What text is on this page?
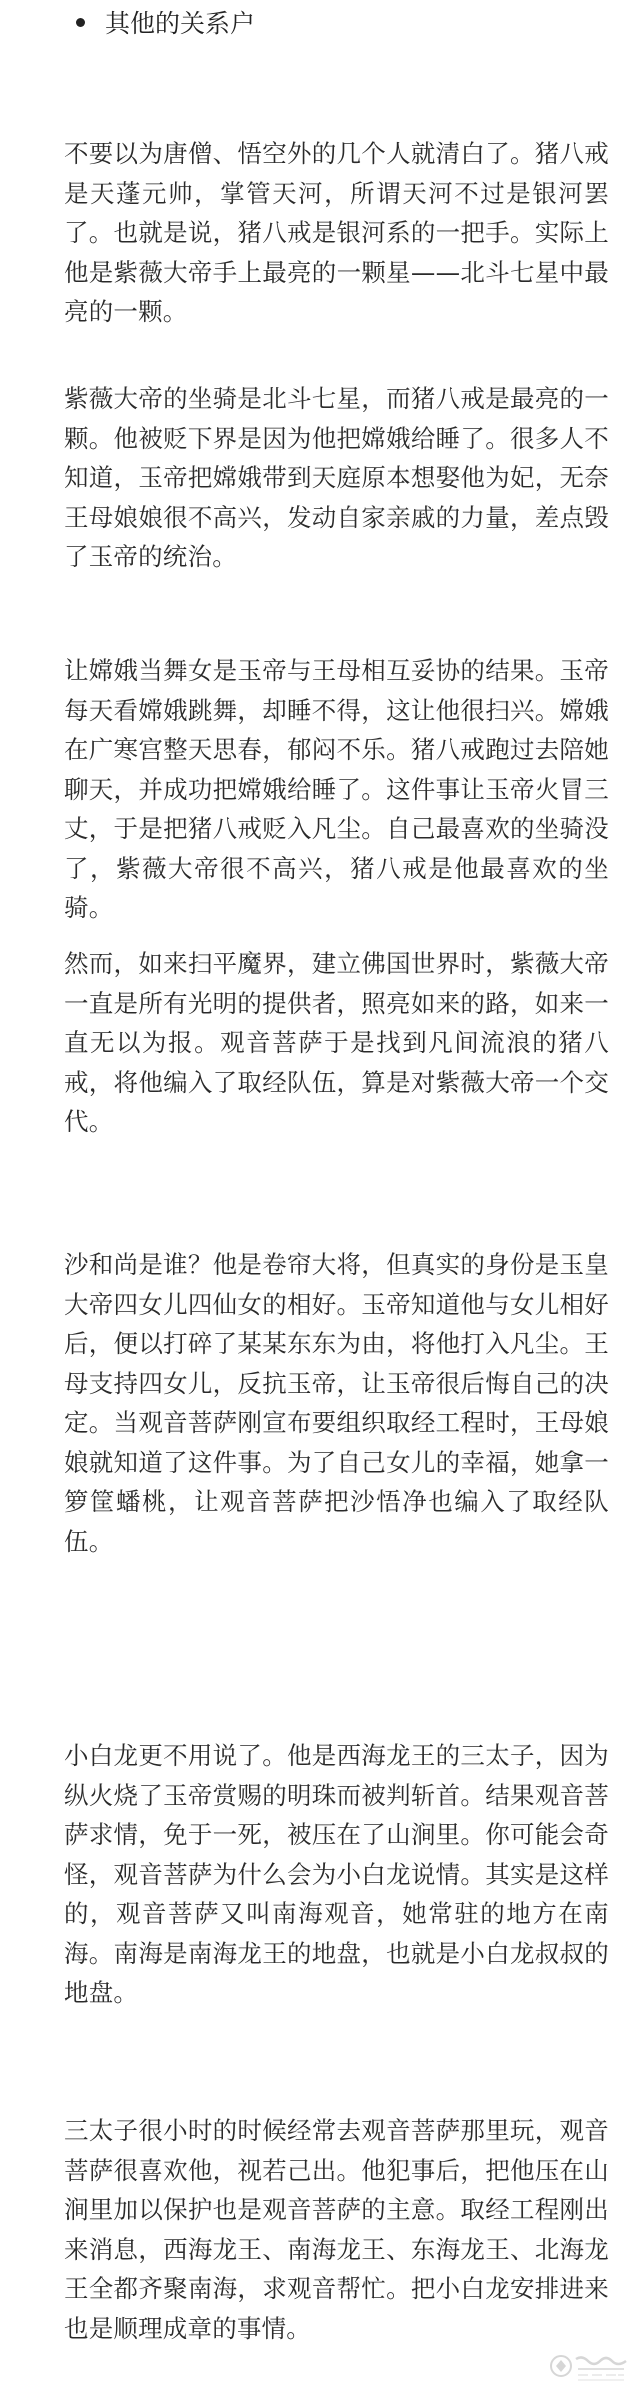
其他的关系户

不要以为唐僧、悟空外的几个人就清白了。猪八戒是天蓬元帅，掌管天河，所谓天河不过是银河罢了。也就是说，猪八戒是银河系的一把手。实际上他是紫薇大帝手上最亮的一颗星——北斗七星中最亮的一颗。

紫薇大帝的坐骑是北斗七星，而猪八戒是最亮的一颗。他被贬下界是因为他把嫦娥给睡了。很多人不知道，玉帝把嫦娥带到天庭原本想娶他为妃，无奈王母娘娘很不高兴，发动自家亲戚的力量，差点毁了玉帝的统治。

让嫦娥当舞女是玉帝与王母相互妥协的结果。玉帝每天看嫦娥跳舞，却睡不得，这让他很扫兴。嫦娥在广寒宫整天思春，郁闷不乐。猪八戒跑过去陪她聊天，并成功把嫦娥给睡了。这件事让玉帝火冒三丈，于是把猪八戒贬入凡尘。自己最喜欢的坐骑没了，紫薇大帝很不高兴，猪八戒是他最喜欢的坐骑。

然而，如来扫平魔界，建立佛国世界时，紫薇大帝一直是所有光明的提供者，照亮如来的路，如来一直无以为报。观音菩萨于是找到凡间流浪的猪八戒，将他编入了取经队伍，算是对紫薇大帝一个交代。

沙和尚是谁？他是卷帘大将，但真实的身份是玉皇大帝四女儿四仙女的相好。玉帝知道他与女儿相好后，便以打碎了某某东东为由，将他打入凡尘。王母支持四女儿，反抗玉帝，让玉帝很后悔自己的决定。当观音菩萨刚宣布要组织取经工程时，王母娘娘就知道了这件事。为了自己女儿的幸福，她拿一箩筐蟠桃，让观音菩萨把沙悟净也编入了取经队伍。

小白龙更不用说了。他是西海龙王的三太子，因为纵火烧了玉帝赏赐的明珠而被判斩首。结果观音菩萨求情，免于一死，被压在了山涧里。你可能会奇怪，观音菩萨为什么会为小白龙说情。其实是这样的，观音菩萨又叫南海观音，她常驻的地方在南海。南海是南海龙王的地盘，也就是小白龙叔叔的地盘。

三太子很小时的时候经常去观音菩萨那里玩，观音菩萨很喜欢他，视若己出。他犯事后，把他压在山涧里加以保护也是观音菩萨的主意。取经工程刚出来消息，西海龙王、南海龙王、东海龙王、北海龙王全都齐聚南海，求观音帮忙。把小白龙安排进来也是顺理成章的事情。
